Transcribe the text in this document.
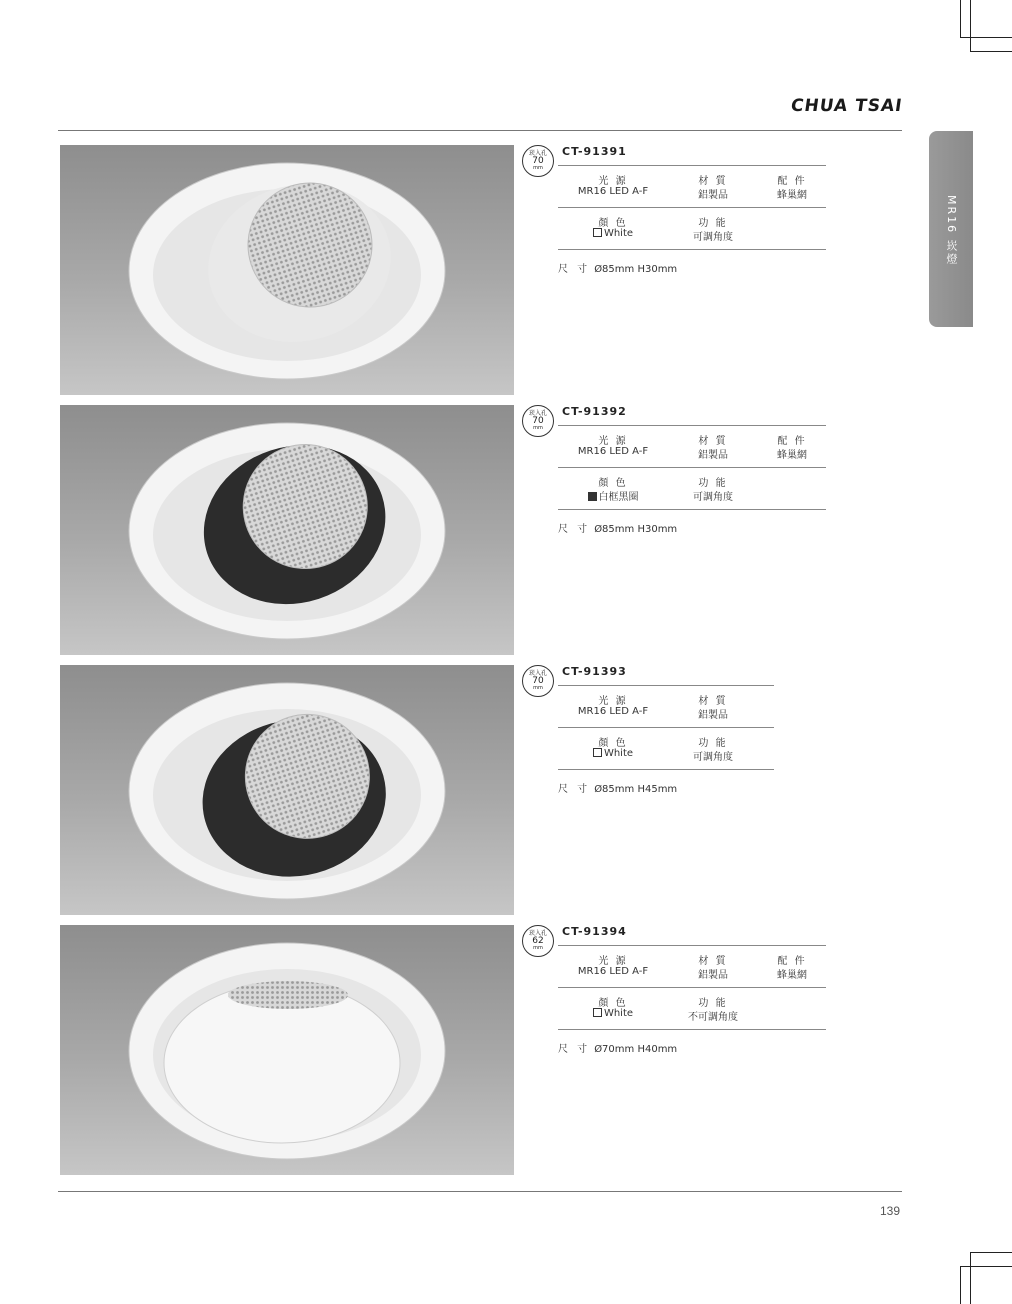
CHUA TSAI
MR16 崁燈
崁入孔
70
mm
CT-91391
光 源
MR16 LED A-F
材 質
鋁製品
配 件
蜂巢網
顏 色
White
功 能
可調角度
尺 寸 Ø85mm H30mm
崁入孔
70
mm
CT-91392
光 源
MR16 LED A-F
材 質
鋁製品
配 件
蜂巢網
顏 色
白框黑圈
功 能
可調角度
尺 寸 Ø85mm H30mm
崁入孔
70
mm
CT-91393
光 源
MR16 LED A-F
材 質
鋁製品
顏 色
White
功 能
可調角度
尺 寸 Ø85mm H45mm
崁入孔
62
mm
CT-91394
光 源
MR16 LED A-F
材 質
鋁製品
配 件
蜂巢網
顏 色
White
功 能
不可調角度
尺 寸 Ø70mm H40mm
139
